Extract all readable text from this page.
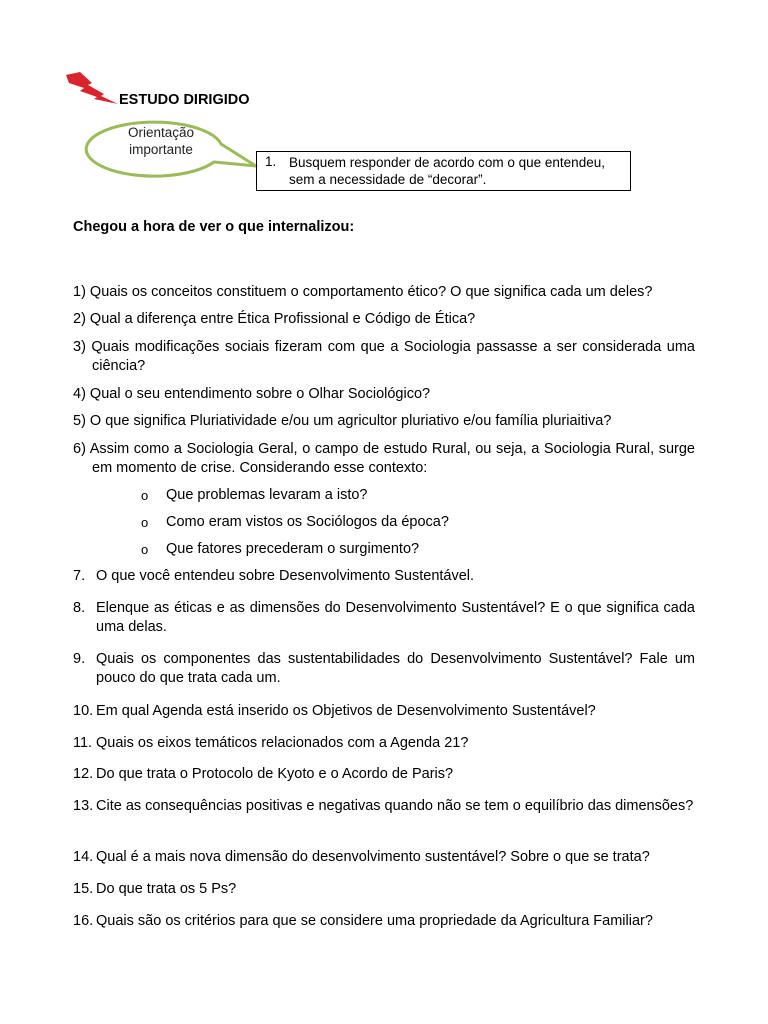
ESTUDO DIRIGIDO
Orientação importante
1. Busquem responder de acordo com o que entendeu, sem a necessidade de “decorar”.
Chegou a hora de ver o que internalizou:
1) Quais os conceitos constituem o comportamento ético? O que significa cada um deles?
2) Qual a diferença entre Ética Profissional e Código de Ética?
3) Quais modificações sociais fizeram com que a Sociologia passasse a ser considerada uma ciência?
4) Qual o seu entendimento sobre o Olhar Sociológico?
5) O que significa Pluriatividade e/ou um agricultor pluriativo e/ou família pluriaitiva?
6) Assim como a Sociologia Geral, o campo de estudo Rural, ou seja, a Sociologia Rural, surge em momento de crise. Considerando esse contexto:
o Que problemas levaram a isto?
o Como eram vistos os Sociólogos da época?
o Que fatores precederam o surgimento?
7. O que você entendeu sobre Desenvolvimento Sustentável.
8. Elenque as éticas e as dimensões do Desenvolvimento Sustentável? E o que significa cada uma delas.
9. Quais os componentes das sustentabilidades do Desenvolvimento Sustentável? Fale um pouco do que trata cada um.
10. Em qual Agenda está inserido os Objetivos de Desenvolvimento Sustentável?
11. Quais os eixos temáticos relacionados com a Agenda 21?
12. Do que trata o Protocolo de Kyoto e o Acordo de Paris?
13. Cite as consequências positivas e negativas quando não se tem o equilíbrio das dimensões?
14. Qual é a mais nova dimensão do desenvolvimento sustentável? Sobre o que se trata?
15. Do que trata os 5 Ps?
16. Quais são os critérios para que se considere uma propriedade da Agricultura Familiar?
